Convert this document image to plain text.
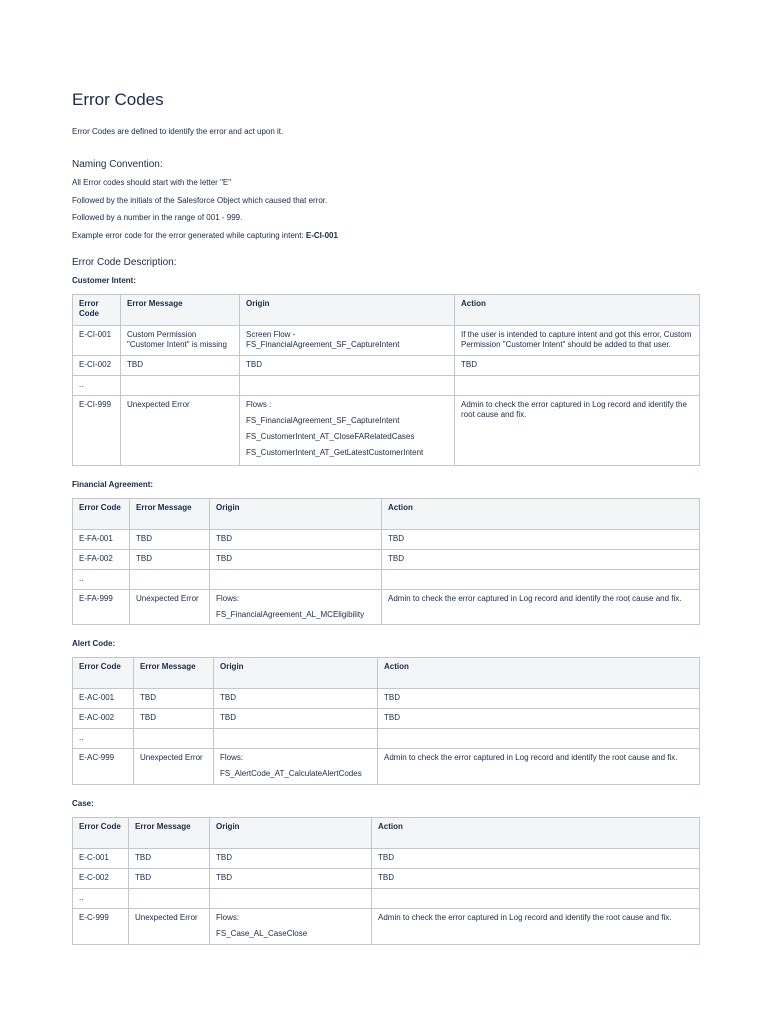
Error Codes

Error Codes are defined to identify the error and act upon it.

Naming Convention:

All Error codes should start with the letter "E"

Followed by the initials of the Salesforce Object which caused that error.

Followed by a number in the range of 001 - 999.

Example error code for the error generated while capturing intent: E-CI-001

Error Code Description:

Customer Intent:

Error Code	Error Message	Origin	Action
E-CI-001	Custom Permission "Customer Intent" is missing	Screen Flow - FS_FinancialAgreement_SF_CaptureIntent	If the user is intended to capture intent and got this error, Custom Permission "Customer Intent" should be added to that user.
E-CI-002	TBD	TBD	TBD
..		

E-CI-999	Unexpected Error	Flows :

FS_FinancialAgreement_SF_CaptureIntent

FS_CustomerIntent_AT_CloseFARelatedCases

FS_CustomerIntent_AT_GetLatestCustomerIntent	Admin to check the error captured in Log record and identify the root cause and fix.

Financial Agreement:

Error Code	Error Message	Origin	Action
E-FA-001	TBD	TBD	TBD
E-FA-002	TBD	TBD	TBD
..		

E-FA-999	Unexpected Error	Flows:

FS_FinancialAgreement_AL_MCEligibility	Admin to check the error captured in Log record and identify the root cause and fix.

Alert Code:

Error Code	Error Message	Origin	Action
E-AC-001	TBD	TBD	TBD
E-AC-002	TBD	TBD	TBD
..		

E-AC-999	Unexpected Error	Flows:

FS_AlertCode_AT_CalculateAlertCodes	Admin to check the error captured in Log record and identify the root cause and fix.

Case:

Error Code	Error Message	Origin	Action
E-C-001	TBD	TBD	TBD
E-C-002	TBD	TBD	TBD
..		

E-C-999	Unexpected Error	Flows:

FS_Case_AL_CaseClose	Admin to check the error captured in Log record and identify the root cause and fix.
